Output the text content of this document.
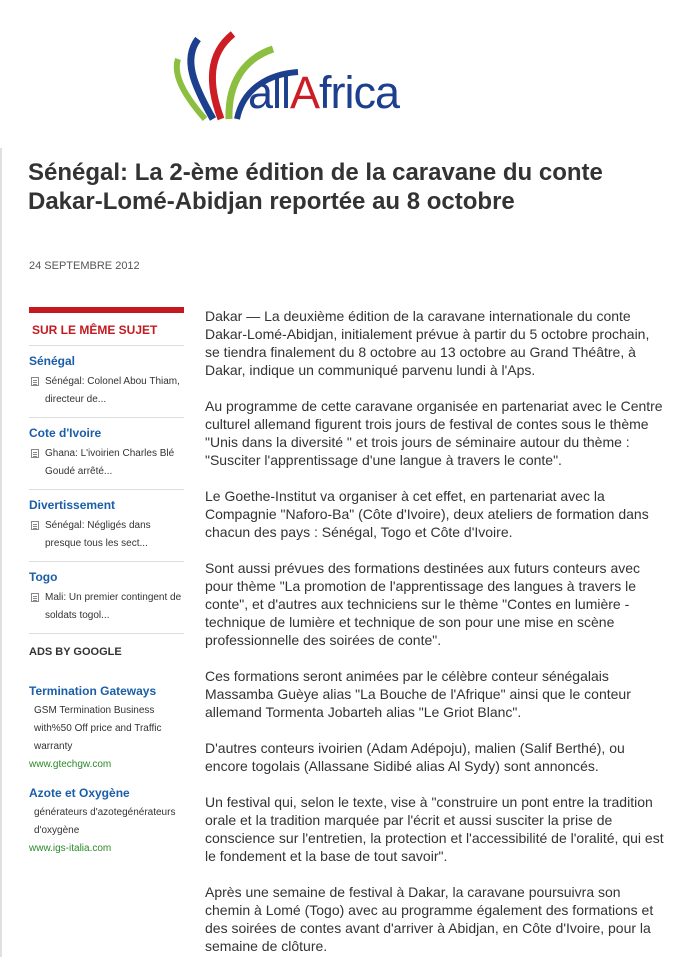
allAfrica
Sénégal: La 2-ème édition de la caravane du conte Dakar-Lomé-Abidjan reportée au 8 octobre
24 SEPTEMBRE 2012
SUR LE MÊME SUJET
Sénégal
Sénégal: Colonel Abou Thiam, directeur de...
Cote d'Ivoire
Ghana: L'ivoirien Charles Blé Goudé arrêté...
Divertissement
Sénégal: Négligés dans presque tous les sect...
Togo
Mali: Un premier contingent de soldats togol...
ADS BY GOOGLE
Termination Gateways
GSM Termination Business with%50 Off price and Traffic warranty
www.gtechgw.com
Azote et Oxygène
générateurs d'azotegénérateurs d'oxygène
www.igs-italia.com

Dakar — La deuxième édition de la caravane internationale du conte Dakar-Lomé-Abidjan, initialement prévue à partir du 5 octobre prochain, se tiendra finalement du 8 octobre au 13 octobre au Grand Théâtre, à Dakar, indique un communiqué parvenu lundi à l'Aps.

Au programme de cette caravane organisée en partenariat avec le Centre culturel allemand figurent trois jours de festival de contes sous le thème "Unis dans la diversité " et trois jours de séminaire autour du thème : "Susciter l'apprentissage d'une langue à travers le conte".

Le Goethe-Institut va organiser à cet effet, en partenariat avec la Compagnie "Naforo-Ba" (Côte d'Ivoire), deux ateliers de formation dans chacun des pays : Sénégal, Togo et Côte d'Ivoire.

Sont aussi prévues des formations destinées aux futurs conteurs avec pour thème "La promotion de l'apprentissage des langues à travers le conte", et d'autres aux techniciens sur le thème "Contes en lumière - technique de lumière et technique de son pour une mise en scène professionnelle des soirées de conte".

Ces formations seront animées par le célèbre conteur sénégalais Massamba Guèye alias "La Bouche de l'Afrique" ainsi que le conteur allemand Tormenta Jobarteh alias "Le Griot Blanc".

D'autres conteurs ivoirien (Adam Adépoju), malien (Salif Berthé), ou encore togolais (Allassane Sidibé alias Al Sydy) sont annoncés.

Un festival qui, selon le texte, vise à "construire un pont entre la tradition orale et la tradition marquée par l'écrit et aussi susciter la prise de conscience sur l'entretien, la protection et l'accessibilité de l'oralité, qui est le fondement et la base de tout savoir".

Après une semaine de festival à Dakar, la caravane poursuivra son chemin à Lomé (Togo) avec au programme également des formations et des soirées de contes avant d'arriver à Abidjan, en Côte d'Ivoire, pour la semaine de clôture.
